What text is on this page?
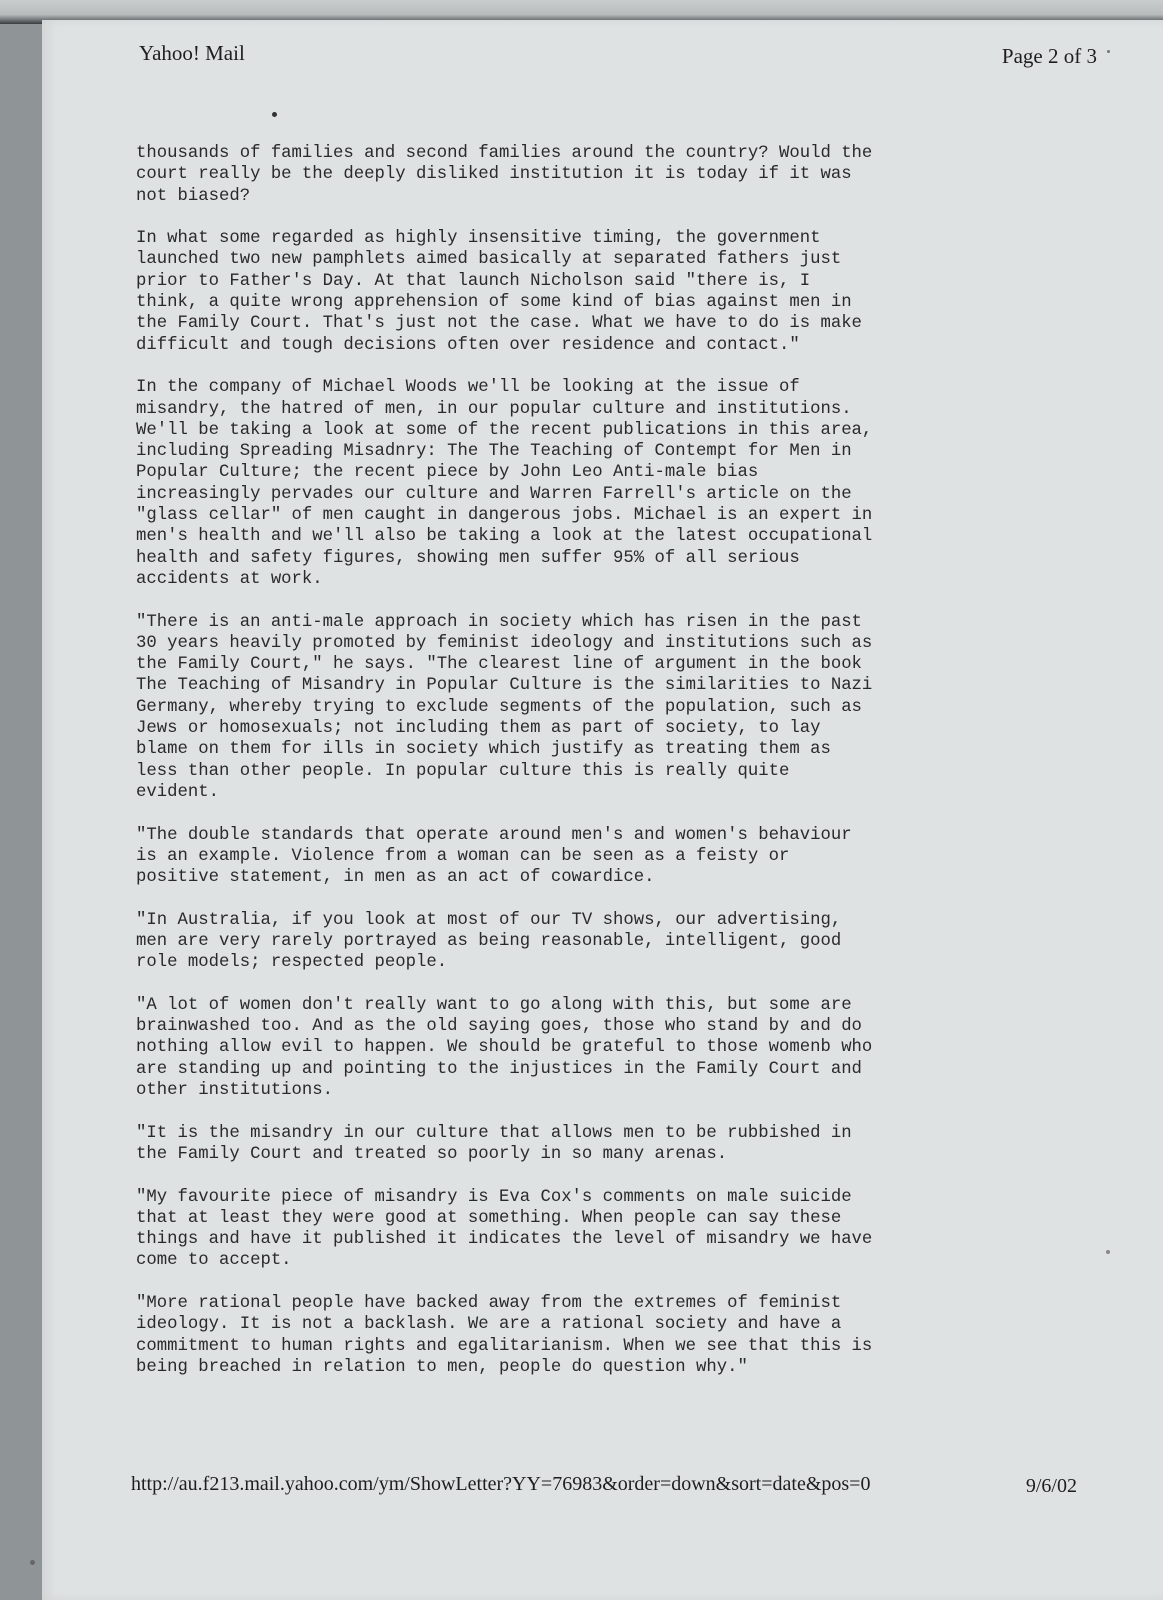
Yahoo! Mail	Page 2 of 3

thousands of families and second families around the country? Would the
court really be the deeply disliked institution it is today if it was
not biased?

In what some regarded as highly insensitive timing, the government
launched two new pamphlets aimed basically at separated fathers just
prior to Father's Day. At that launch Nicholson said "there is, I
think, a quite wrong apprehension of some kind of bias against men in
the Family Court. That's just not the case. What we have to do is make
difficult and tough decisions often over residence and contact."

In the company of Michael Woods we'll be looking at the issue of
misandry, the hatred of men, in our popular culture and institutions.
We'll be taking a look at some of the recent publications in this area,
including Spreading Misadnry: The The Teaching of Contempt for Men in
Popular Culture; the recent piece by John Leo Anti-male bias
increasingly pervades our culture and Warren Farrell's article on the
"glass cellar" of men caught in dangerous jobs. Michael is an expert in
men's health and we'll also be taking a look at the latest occupational
health and safety figures, showing men suffer 95% of all serious
accidents at work.

"There is an anti-male approach in society which has risen in the past
30 years heavily promoted by feminist ideology and institutions such as
the Family Court," he says. "The clearest line of argument in the book
The Teaching of Misandry in Popular Culture is the similarities to Nazi
Germany, whereby trying to exclude segments of the population, such as
Jews or homosexuals; not including them as part of society, to lay
blame on them for ills in society which justify as treating them as
less than other people. In popular culture this is really quite
evident.

"The double standards that operate around men's and women's behaviour
is an example. Violence from a woman can be seen as a feisty or
positive statement, in men as an act of cowardice.

"In Australia, if you look at most of our TV shows, our advertising,
men are very rarely portrayed as being reasonable, intelligent, good
role models; respected people.

"A lot of women don't really want to go along with this, but some are
brainwashed too. And as the old saying goes, those who stand by and do
nothing allow evil to happen. We should be grateful to those womenb who
are standing up and pointing to the injustices in the Family Court and
other institutions.

"It is the misandry in our culture that allows men to be rubbished in
the Family Court and treated so poorly in so many arenas.

"My favourite piece of misandry is Eva Cox's comments on male suicide
that at least they were good at something. When people can say these
things and have it published it indicates the level of misandry we have
come to accept.

"More rational people have backed away from the extremes of feminist
ideology. It is not a backlash. We are a rational society and have a
commitment to human rights and egalitarianism. When we see that this is
being breached in relation to men, people do question why."

http://au.f213.mail.yahoo.com/ym/ShowLetter?YY=76983&order=down&sort=date&pos=0	9/6/02
